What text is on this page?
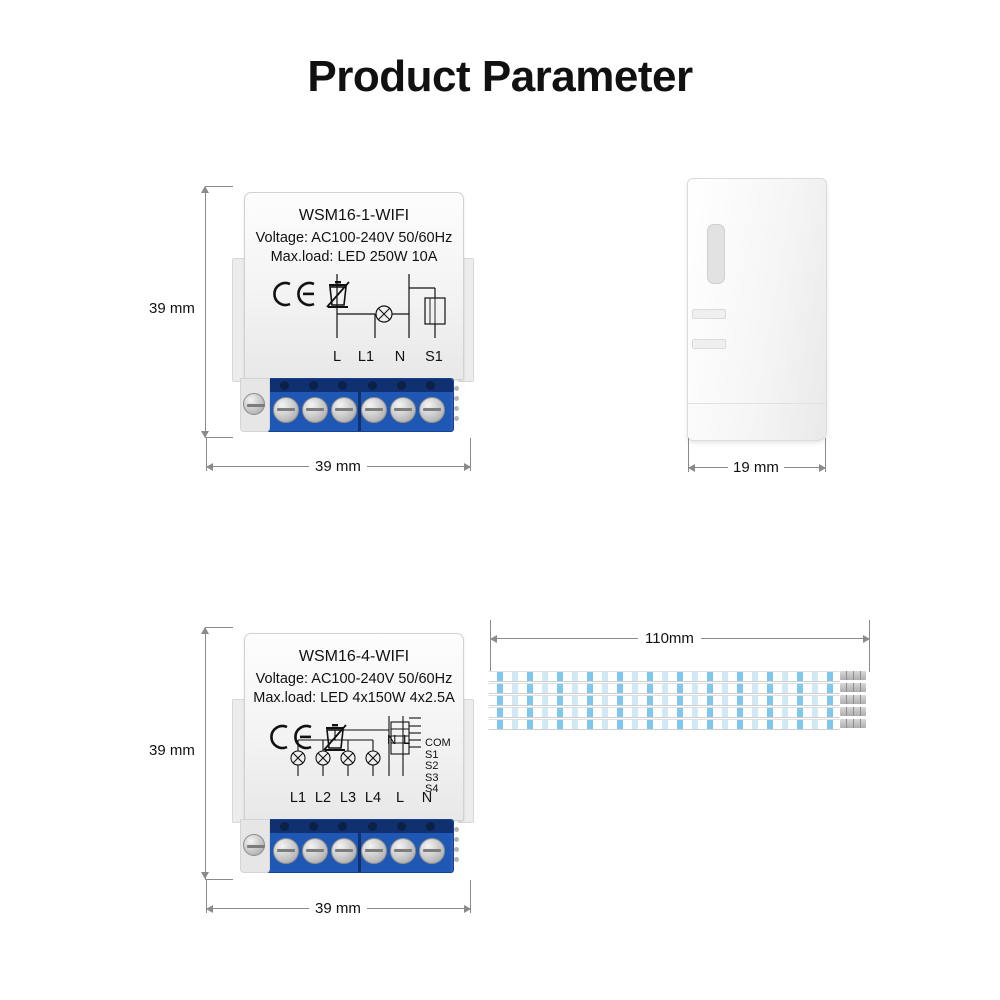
Product Parameter
39 mm
39 mm
WSM16-1-WIFI
Voltage: AC100-240V 50/60Hz
Max.load: LED 250W 10A
L L1 N S1
19 mm
39 mm
39 mm
110mm
WSM16-4-WIFI
Voltage: AC100-240V 50/60Hz
Max.load: LED 4x150W 4x2.5A
N L COM
S1
S2
S3
S4
L1 L2 L3 L4 L N
